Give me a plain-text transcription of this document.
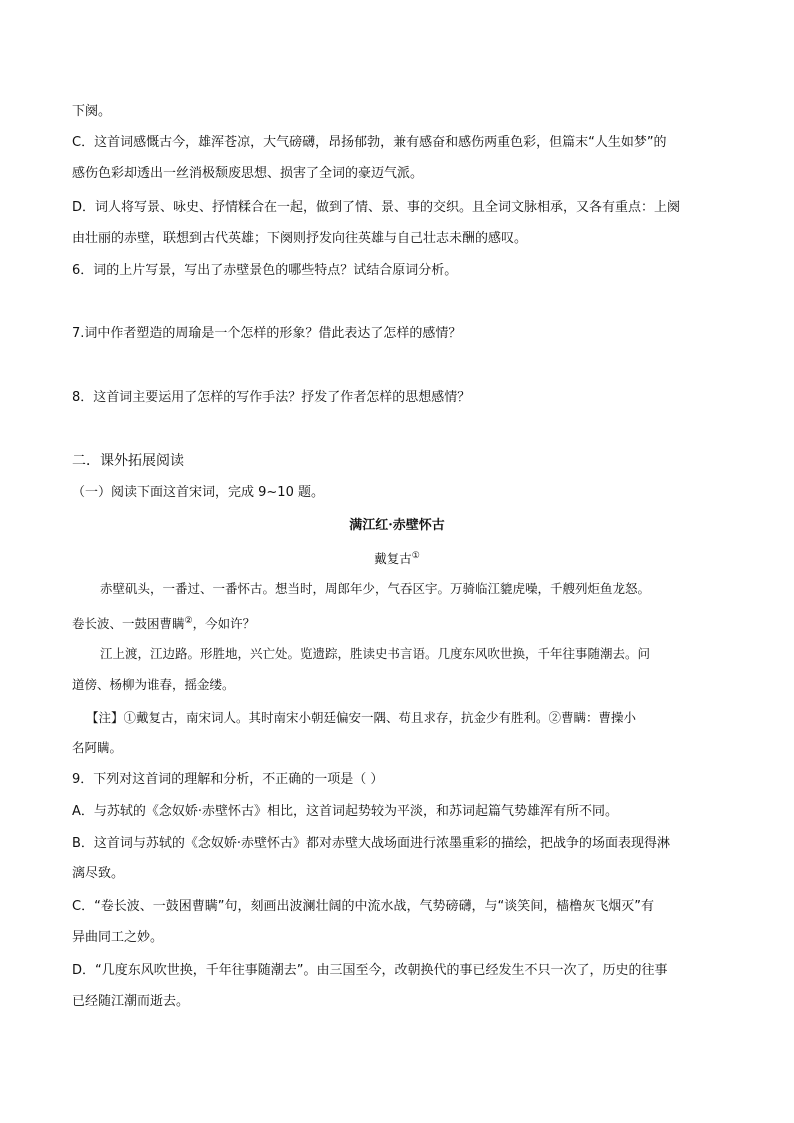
下阕。
C．这首词感慨古今，雄浑苍凉，大气磅礴，昂扬郁勃，兼有感奋和感伤两重色彩，但篇末“人生如梦”的
感伤色彩却透出一丝消极颓废思想、损害了全词的豪迈气派。
D．词人将写景、咏史、抒情糅合在一起，做到了情、景、事的交织。且全词文脉相承，又各有重点：上阕
由壮丽的赤壁，联想到古代英雄；下阕则抒发向往英雄与自己壮志未酬的感叹。
6．词的上片写景，写出了赤壁景色的哪些特点？试结合原词分析。
7.词中作者塑造的周瑜是一个怎样的形象？借此表达了怎样的感情？
8．这首词主要运用了怎样的写作手法？抒发了作者怎样的思想感情？
二．课外拓展阅读
（一）阅读下面这首宋词，完成 9~10 题。
满江红·赤壁怀古
戴复古①
赤壁矶头，一番过、一番怀古。想当时，周郎年少，气吞区宇。万骑临江貔虎噪，千艘列炬鱼龙怒。
卷长波、一鼓困曹瞒②，今如许？
江上渡，江边路。形胜地，兴亡处。览遗踪，胜读史书言语。几度东风吹世换，千年往事随潮去。问
道傍、杨柳为谁春，摇金缕。
【注】①戴复古，南宋词人。其时南宋小朝廷偏安一隅、苟且求存，抗金少有胜利。②曹瞒：曹操小
名阿瞒。
9．下列对这首词的理解和分析，不正确的一项是（ ）
A．与苏轼的《念奴娇·赤壁怀古》相比，这首词起势较为平淡，和苏词起篇气势雄浑有所不同。
B．这首词与苏轼的《念奴娇·赤壁怀古》都对赤壁大战场面进行浓墨重彩的描绘，把战争的场面表现得淋
漓尽致。
C．“卷长波、一鼓困曹瞒”句，刻画出波澜壮阔的中流水战，气势磅礴，与“谈笑间，樯橹灰飞烟灭”有
异曲同工之妙。
D．“几度东风吹世换，千年往事随潮去”。由三国至今，改朝换代的事已经发生不只一次了，历史的往事
已经随江潮而逝去。
